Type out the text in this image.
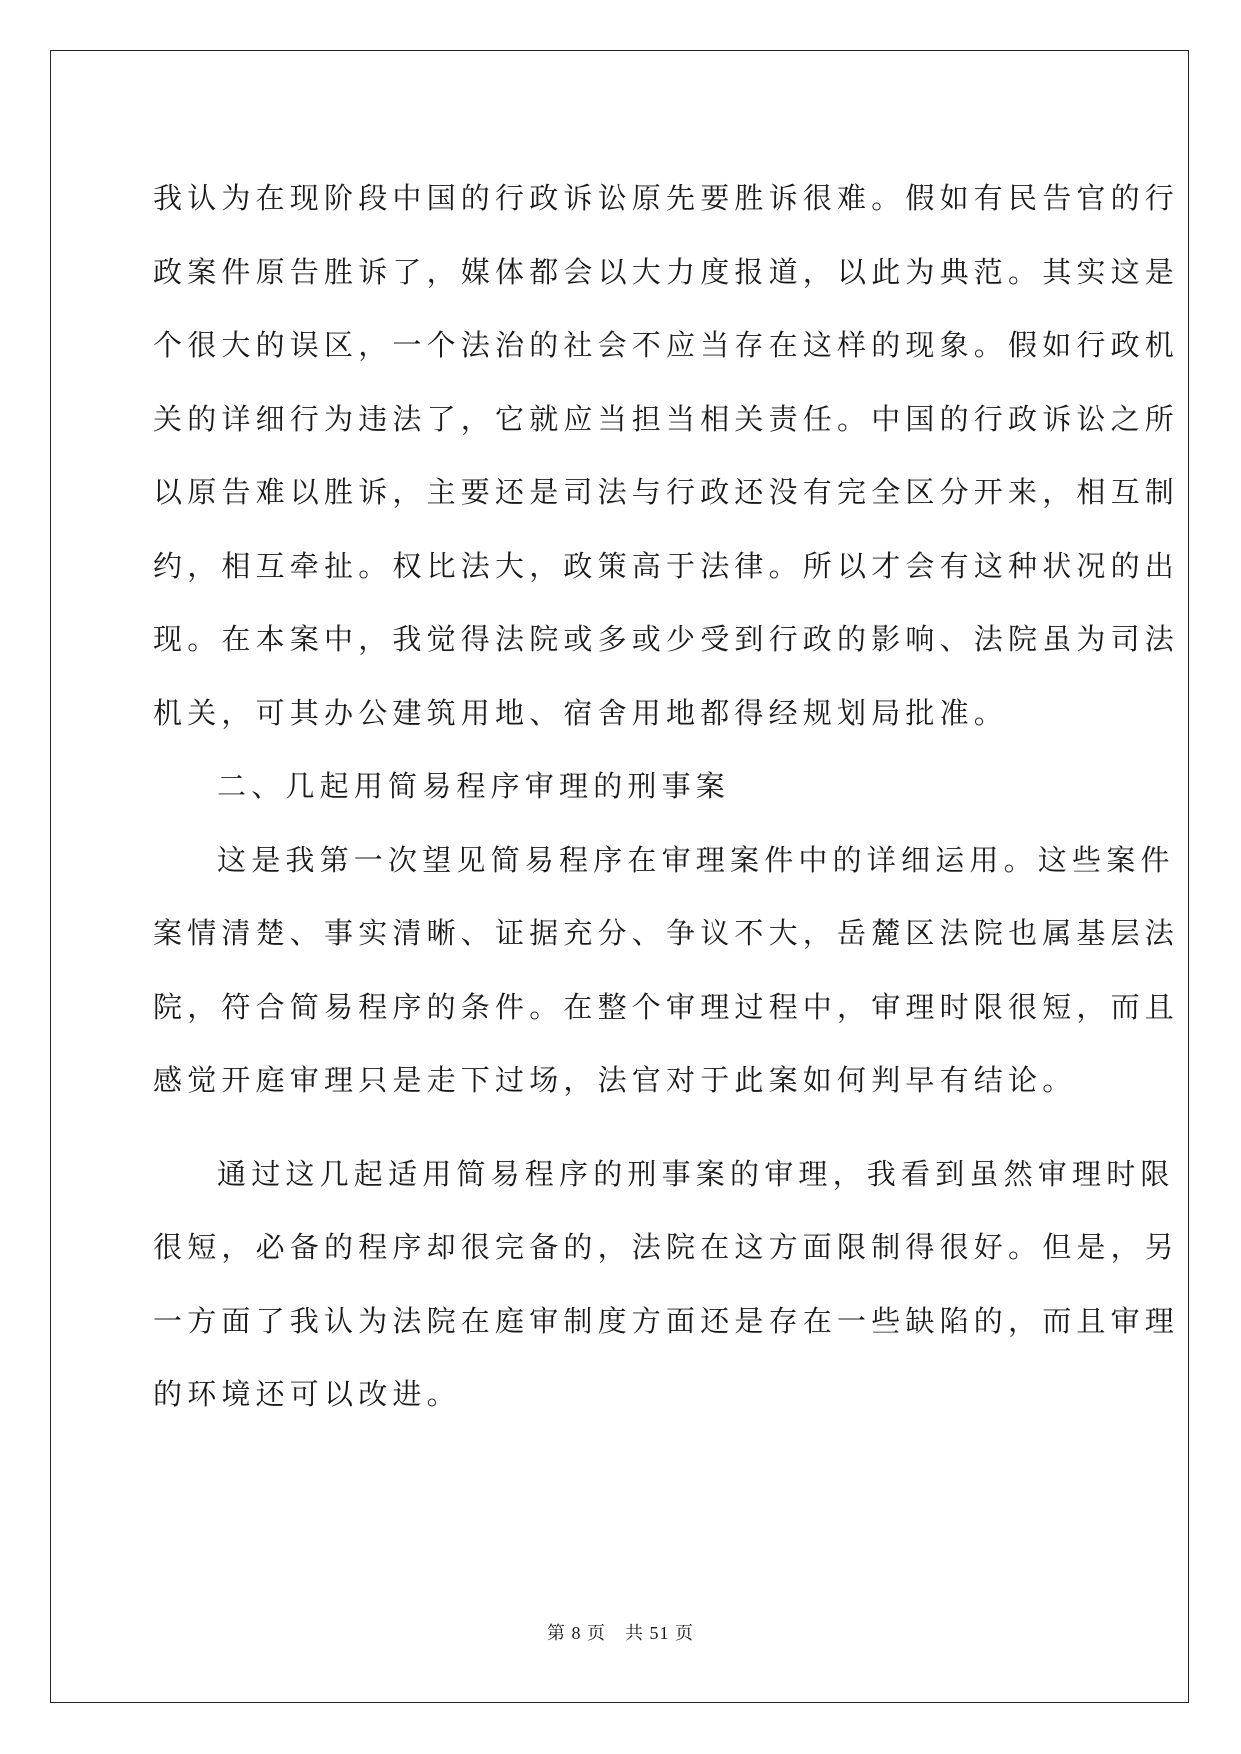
我认为在现阶段中国的行政诉讼原先要胜诉很难。假如有民告官的行
政案件原告胜诉了，媒体都会以大力度报道，以此为典范。其实这是
个很大的误区，一个法治的社会不应当存在这样的现象。假如行政机
关的详细行为违法了，它就应当担当相关责任。中国的行政诉讼之所
以原告难以胜诉，主要还是司法与行政还没有完全区分开来，相互制
约，相互牵扯。权比法大，政策高于法律。所以才会有这种状况的出
现。在本案中，我觉得法院或多或少受到行政的影响、法院虽为司法
机关，可其办公建筑用地、宿舍用地都得经规划局批准。
二、几起用简易程序审理的刑事案
这是我第一次望见简易程序在审理案件中的详细运用。这些案件
案情清楚、事实清晰、证据充分、争议不大，岳麓区法院也属基层法
院，符合简易程序的条件。在整个审理过程中，审理时限很短，而且
感觉开庭审理只是走下过场，法官对于此案如何判早有结论。
通过这几起适用简易程序的刑事案的审理，我看到虽然审理时限
很短，必备的程序却很完备的，法院在这方面限制得很好。但是，另
一方面了我认为法院在庭审制度方面还是存在一些缺陷的，而且审理
的环境还可以改进。
第 8 页　共 51 页
